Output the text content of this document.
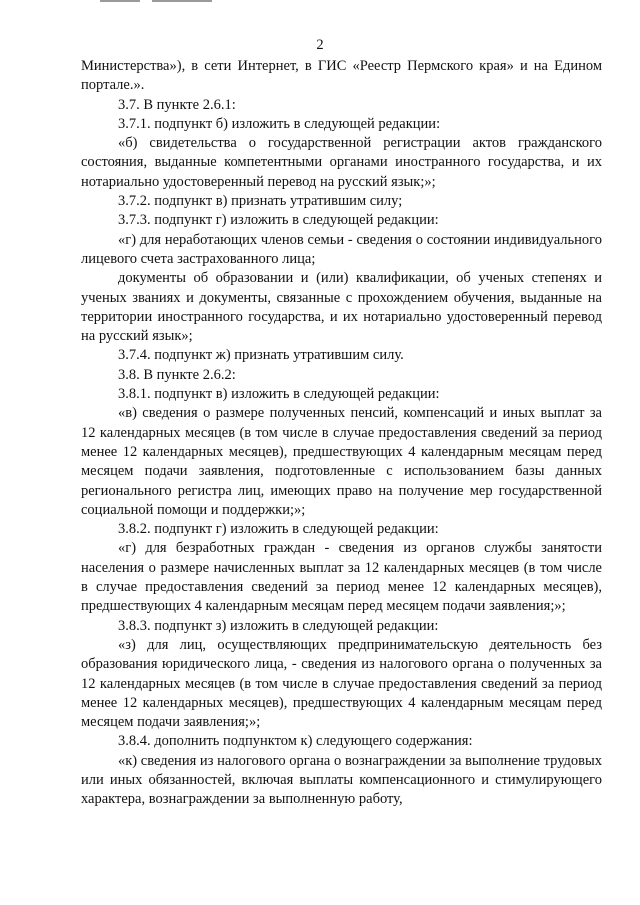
2

Министерства»), в сети Интернет, в ГИС «Реестр Пермского края» и на Едином портале.».

3.7. В пункте 2.6.1:

3.7.1. подпункт б) изложить в следующей редакции:

«б) свидетельства о государственной регистрации актов гражданского состояния, выданные компетентными органами иностранного государства, и их нотариально удостоверенный перевод на русский язык;»;

3.7.2. подпункт в) признать утратившим силу;

3.7.3. подпункт г) изложить в следующей редакции:

«г) для неработающих членов семьи - сведения о состоянии индивидуального лицевого счета застрахованного лица;

документы об образовании и (или) квалификации, об ученых степенях и ученых званиях и документы, связанные с прохождением обучения, выданные на территории иностранного государства, и их нотариально удостоверенный перевод на русский язык»;

3.7.4. подпункт ж) признать утратившим силу.

3.8. В пункте 2.6.2:

3.8.1. подпункт в) изложить в следующей редакции:

«в) сведения о размере полученных пенсий, компенсаций и иных выплат за 12 календарных месяцев (в том числе в случае предоставления сведений за период менее 12 календарных месяцев), предшествующих 4 календарным месяцам перед месяцем подачи заявления, подготовленные с использованием базы данных регионального регистра лиц, имеющих право на получение мер государственной социальной помощи и поддержки;»;

3.8.2. подпункт г) изложить в следующей редакции:

«г) для безработных граждан - сведения из органов службы занятости населения о размере начисленных выплат за 12 календарных месяцев (в том числе в случае предоставления сведений за период менее 12 календарных месяцев), предшествующих 4 календарным месяцам перед месяцем подачи заявления;»;

3.8.3. подпункт з) изложить в следующей редакции:

«з) для лиц, осуществляющих предпринимательскую деятельность без образования юридического лица, - сведения из налогового органа о полученных за 12 календарных месяцев (в том числе в случае предоставления сведений за период менее 12 календарных месяцев), предшествующих 4 календарным месяцам перед месяцем подачи заявления;»;

3.8.4. дополнить подпунктом к) следующего содержания:

«к) сведения из налогового органа о вознаграждении за выполнение трудовых или иных обязанностей, включая выплаты компенсационного и стимулирующего характера, вознаграждении за выполненную работу,
